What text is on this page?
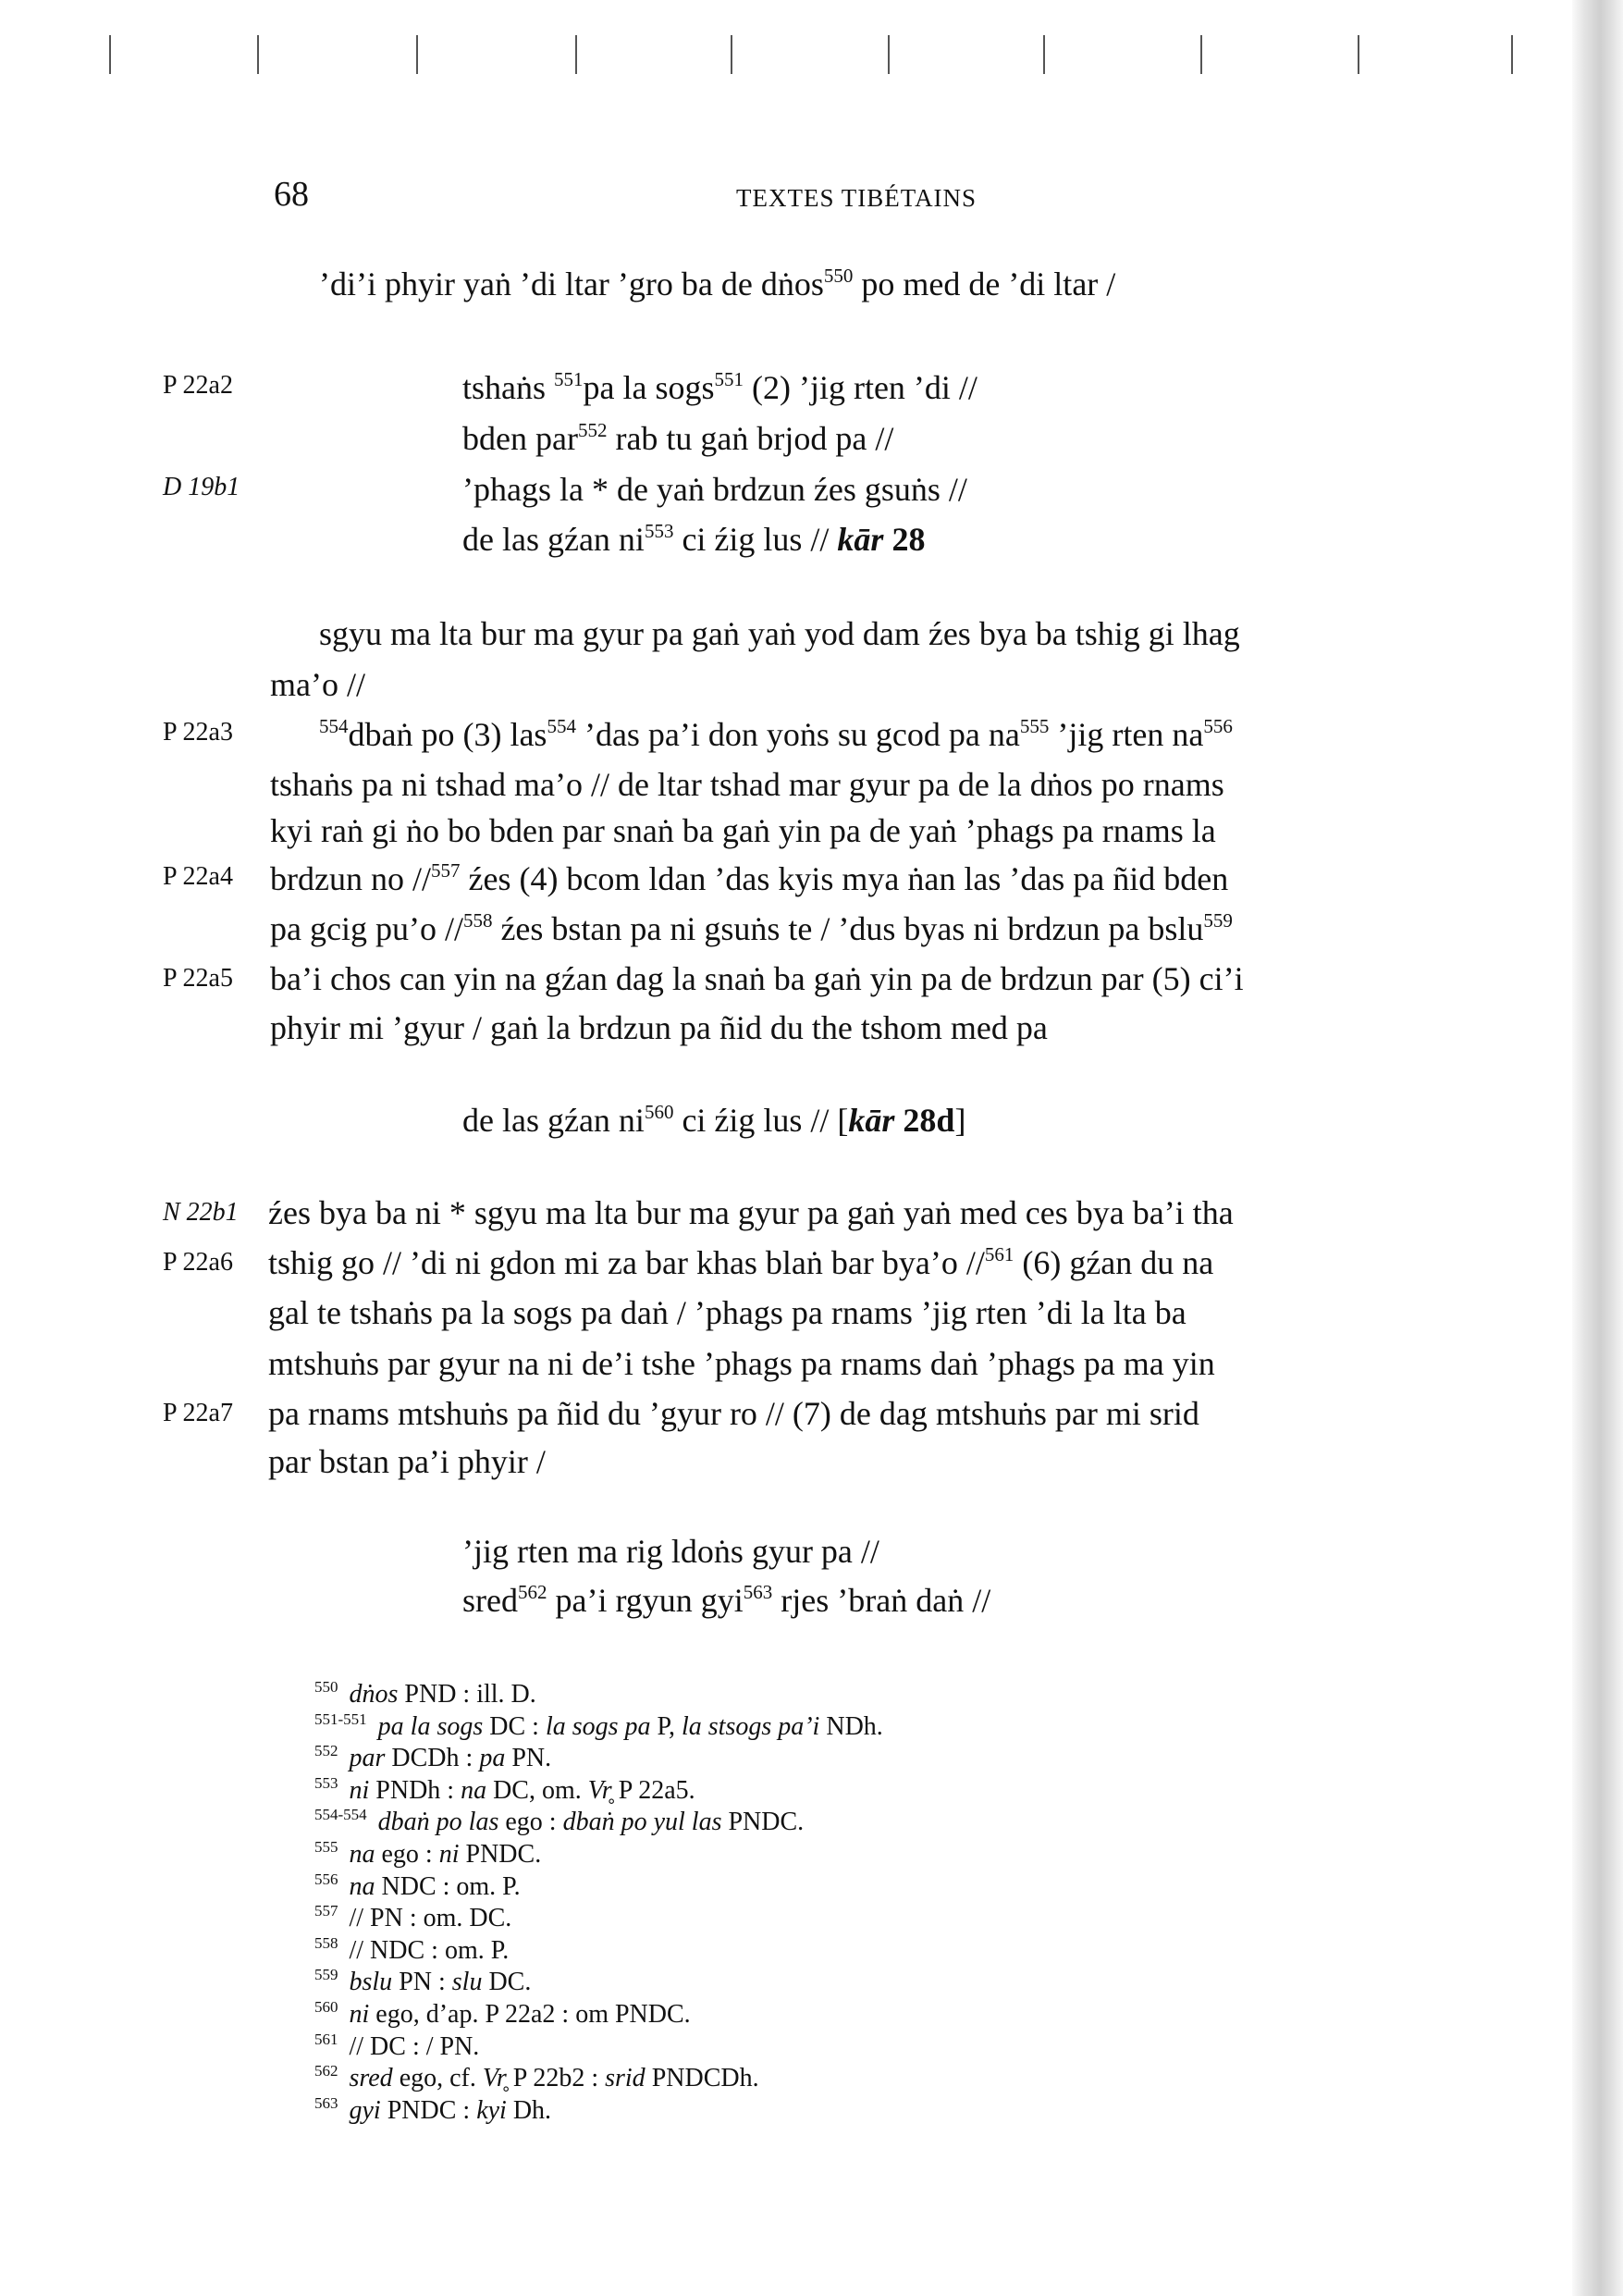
68	TEXTES TIBÉTAINS
’di’i phyir yaṅ ’di ltar ’gro ba de dṅos$^{550}$ po med de ’di ltar /
P 22a2
D 19b1
P 22a3
P 22a4
P 22a5
N 22b1
P 22a6
P 22a7
tshaṅs $^{551}$pa la sogs$^{551}$ (2) ’jig rten ’di //
bden par$^{552}$ rab tu gaṅ brjod pa //
’phags la * de yaṅ brdzun źes gsuṅs //
de las gźan $ni^{553}$ ci źig lus // kār 28
sgyu ma lta bur ma gyur pa gaṅ yaṅ yod dam źes bya ba tshig gi lhag
ma’o //
$^{554}$dbaṅ po (3) las$^{554}$ ’das pa’i don yoṅs su gcod pa $na^{555}$ ’jig rten $na^{556}$
tshaṅs pa ni tshad ma’o // de ltar tshad mar gyur pa de la dṅos po rnams
kyi raṅ gi ṅo bo bden par snaṅ ba gaṅ yin pa de yaṅ ’phags pa rnams la
brdzun no //$^{557}$ źes (4) bcom ldan ’das kyis mya ṅan las ’das pa ñid bden
pa gcig pu’o //$^{558}$ źes bstan pa ni gsuṅs te / ’dus byas ni brdzun pa bslu$^{559}$
ba’i chos can yin na gźan dag la snaṅ ba gaṅ yin pa de brdzun par (5) ci’i
phyir mi ’gyur / gaṅ la brdzun pa ñid du the tshom med pa
de las gźan $ni^{560}$ ci źig lus // [kār 28d]
źes bya ba ni * sgyu ma lta bur ma gyur pa gaṅ yaṅ med ces bya ba’i tha
tshig go // ’di ni gdon mi za bar khas blaṅ bar bya’o //$^{561}$ (6) gźan du na
gal te tshaṅs pa la sogs pa daṅ / ’phags pa rnams ’jig rten ’di la lta ba
mtshuṅs par gyur na ni de’i tshe ’phags pa rnams daṅ ’phags pa ma yin
pa rnams mtshuṅs pa ñid du ’gyur ro // (7) de dag mtshuṅs par mi srid
par bstan pa’i phyir /
’jig rten ma rig ldoṅs gyur pa //
sred$^{562}$ pa’i rgyun gyi$^{563}$ rjes ’braṅ daṅ //
$^{550}$ dṅos PND : ill. D.
$^{551-551}$ pa la sogs DC : la sogs pa P, la stsogs pa’i NDh.
$^{552}$ par DCDh : pa PN.
$^{553}$ ni PNDh : na DC, om. Vr̥ P 22a5.
$^{554-554}$ dbaṅ po las ego : dbaṅ po yul las PNDC.
$^{555}$ na ego : ni PNDC.
$^{556}$ na NDC : om. P.
$^{557}$ // PN : om. DC.
$^{558}$ // NDC : om. P.
$^{559}$ bslu PN : slu DC.
$^{560}$ ni ego, d’ap. P 22a2 : om PNDC.
$^{561}$ // DC : / PN.
$^{562}$ sred ego, cf. Vr̥ P 22b2 : srid PNDCDh.
$^{563}$ gyi PNDC : kyi Dh.
